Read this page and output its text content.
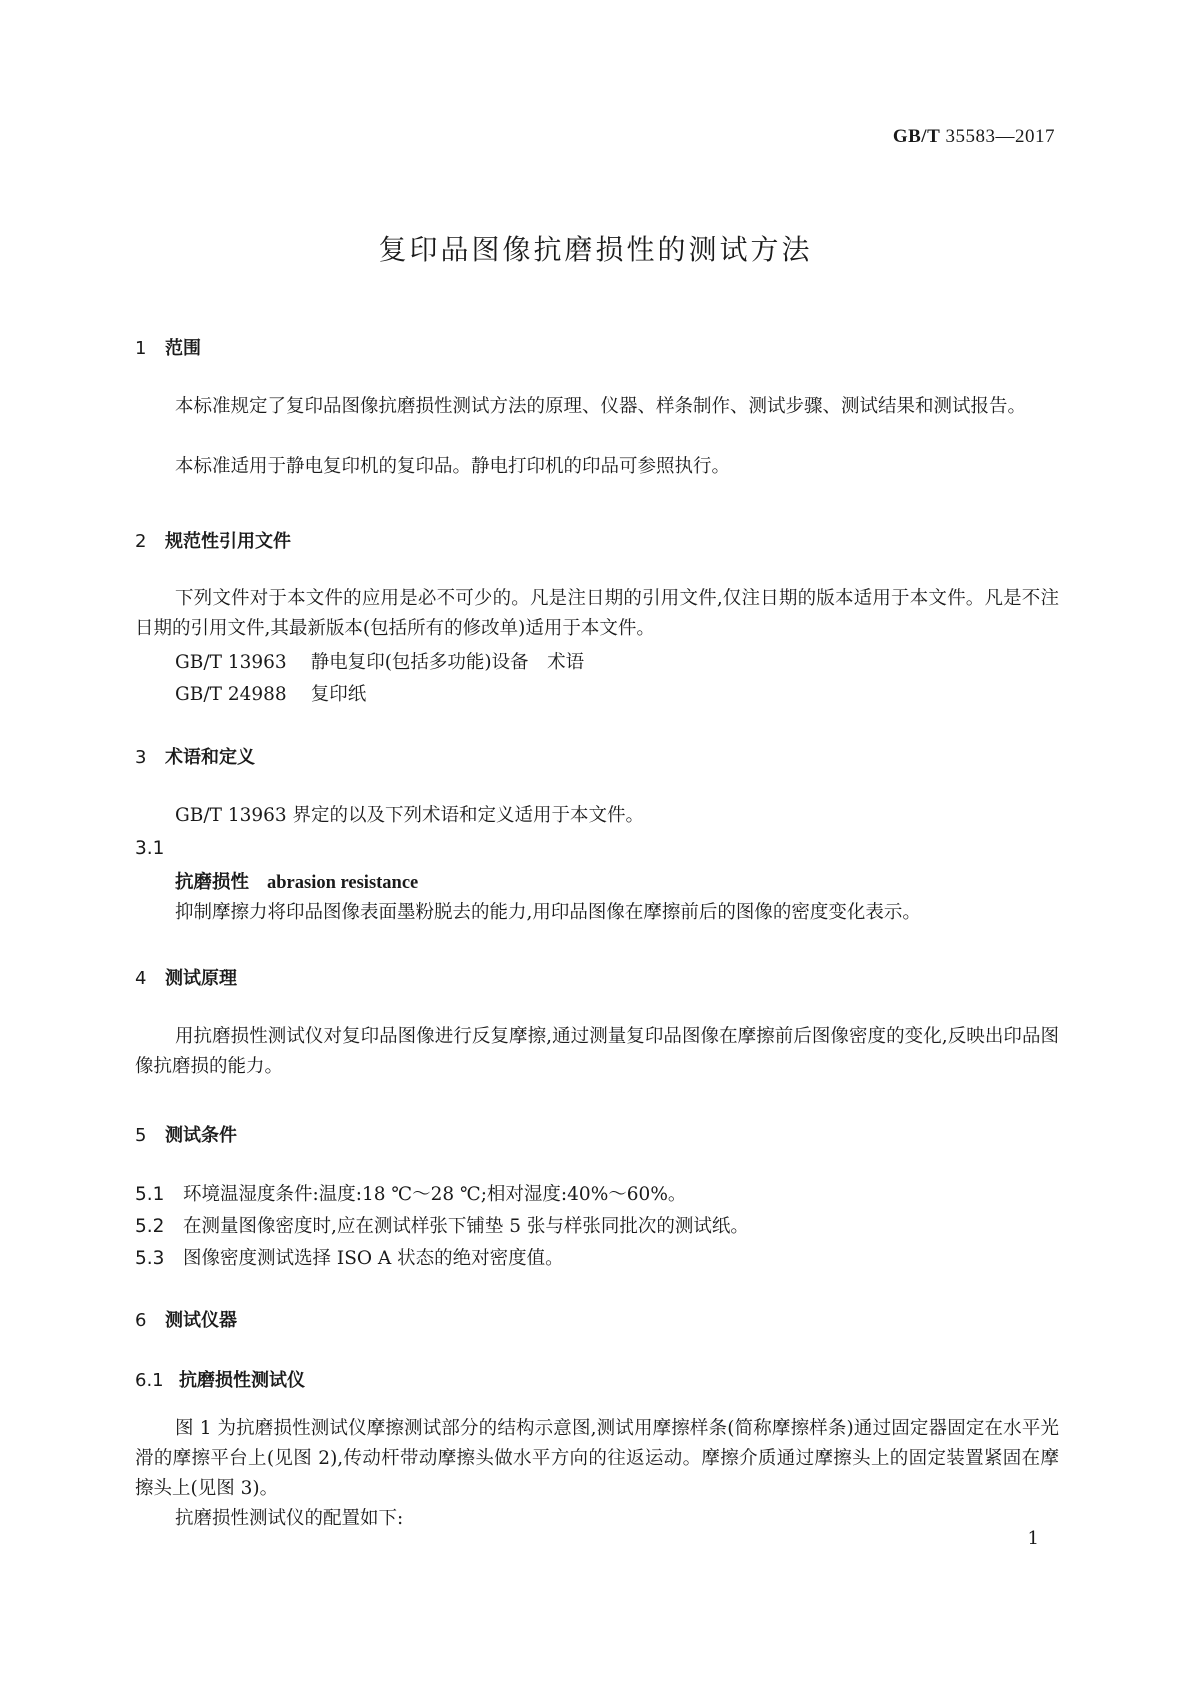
GB/T 35583—2017
复印品图像抗磨损性的测试方法
1 范围
本标准规定了复印品图像抗磨损性测试方法的原理、仪器、样条制作、测试步骤、测试结果和测试报告。
本标准适用于静电复印机的复印品。静电打印机的印品可参照执行。
2 规范性引用文件
下列文件对于本文件的应用是必不可少的。凡是注日期的引用文件,仅注日期的版本适用于本文件。凡是不注日期的引用文件,其最新版本(包括所有的修改单)适用于本文件。
GB/T 13963 静电复印(包括多功能)设备　术语
GB/T 24988 复印纸
3 术语和定义
GB/T 13963 界定的以及下列术语和定义适用于本文件。
3.1
抗磨损性 abrasion resistance
抑制摩擦力将印品图像表面墨粉脱去的能力,用印品图像在摩擦前后的图像的密度变化表示。
4 测试原理
用抗磨损性测试仪对复印品图像进行反复摩擦,通过测量复印品图像在摩擦前后图像密度的变化,反映出印品图像抗磨损的能力。
5 测试条件
5.1 环境温湿度条件:温度:18 ℃～28 ℃;相对湿度:40%～60%。
5.2 在测量图像密度时,应在测试样张下铺垫 5 张与样张同批次的测试纸。
5.3 图像密度测试选择 ISO A 状态的绝对密度值。
6 测试仪器
6.1 抗磨损性测试仪
图 1 为抗磨损性测试仪摩擦测试部分的结构示意图,测试用摩擦样条(简称摩擦样条)通过固定器固定在水平光滑的摩擦平台上(见图 2),传动杆带动摩擦头做水平方向的往返运动。摩擦介质通过摩擦头上的固定装置紧固在摩擦头上(见图 3)。
抗磨损性测试仪的配置如下:
1
